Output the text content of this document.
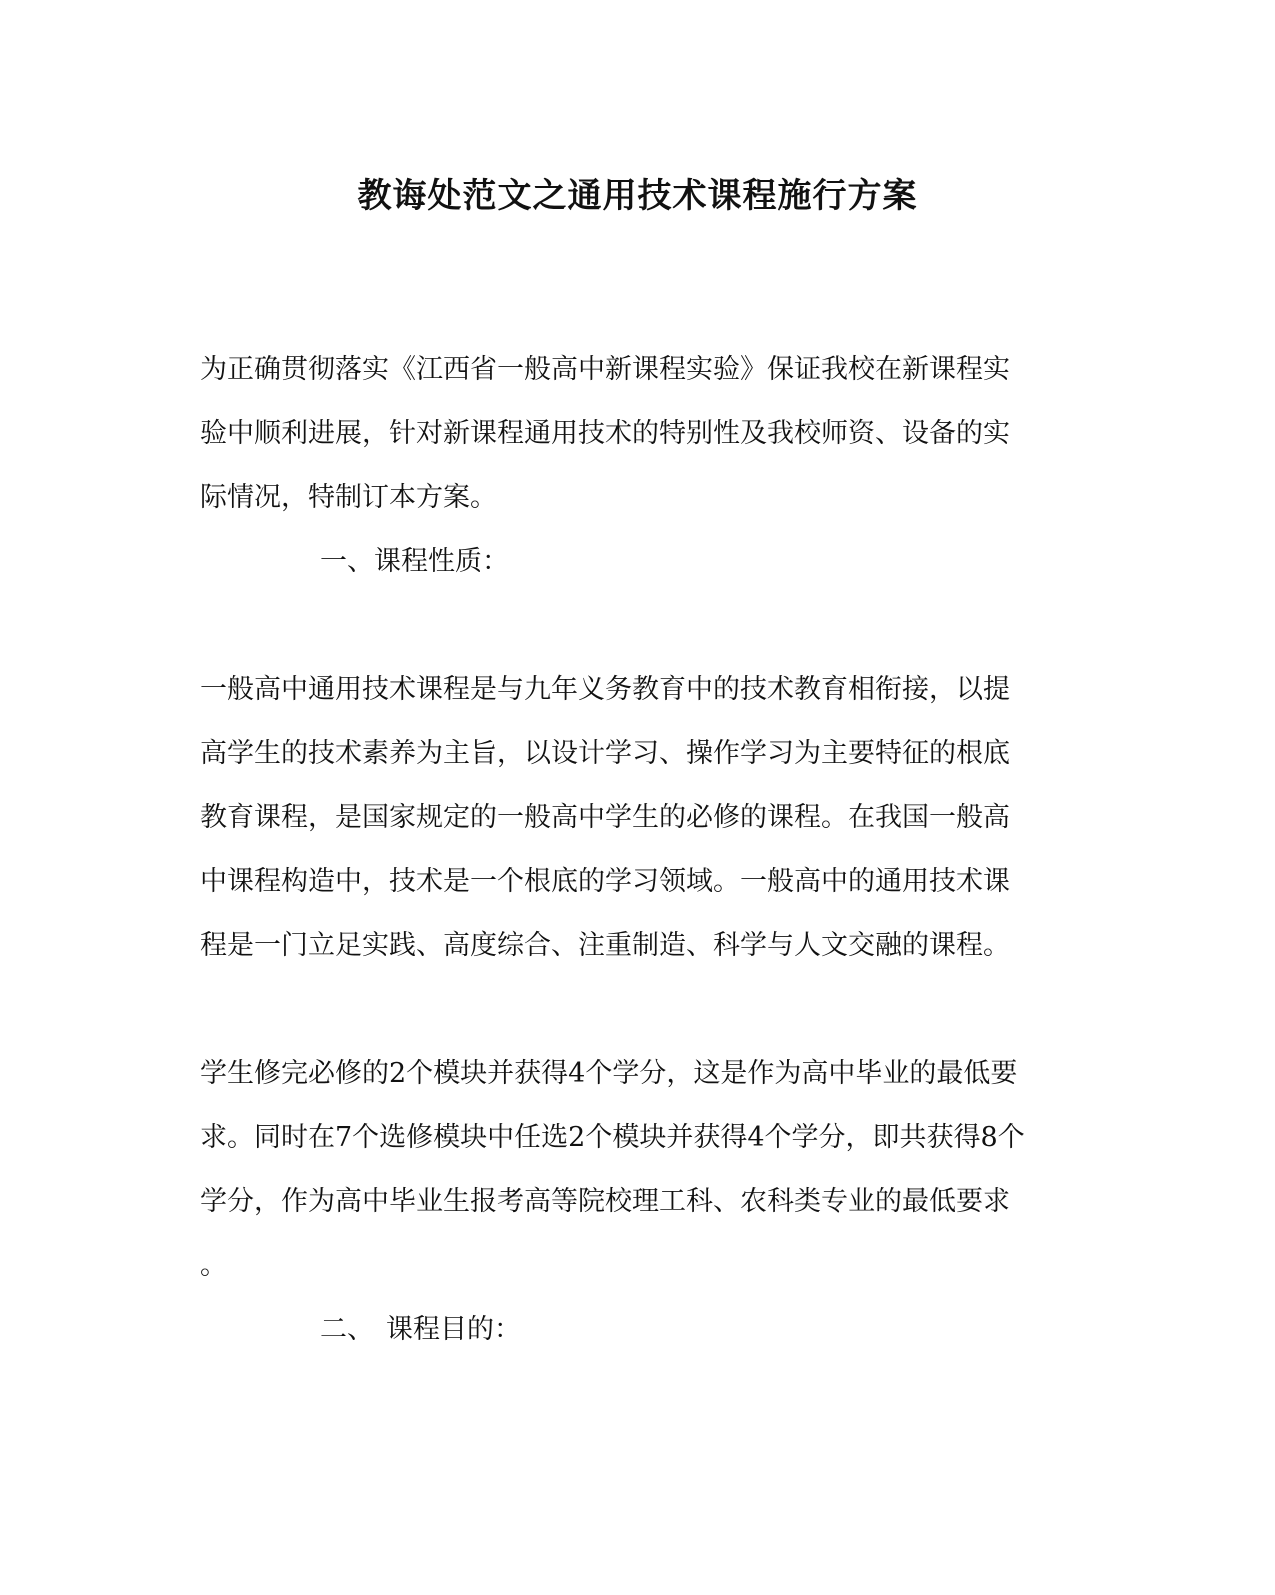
教诲处范文之通用技术课程施行方案

为正确贯彻落实《江西省一般高中新课程实验》保证我校在新课程实

验中顺利进展，针对新课程通用技术的特别性及我校师资、设备的实

际情况，特制订本方案。

一、课程性质：

一般高中通用技术课程是与九年义务教育中的技术教育相衔接，以提

高学生的技术素养为主旨，以设计学习、操作学习为主要特征的根底

教育课程，是国家规定的一般高中学生的必修的课程。在我国一般高

中课程构造中，技术是一个根底的学习领域。一般高中的通用技术课

程是一门立足实践、高度综合、注重制造、科学与人文交融的课程。

学生修完必修的2个模块并获得4个学分，这是作为高中毕业的最低要

求。同时在7个选修模块中任选2个模块并获得4个学分，即共获得8个

学分，作为高中毕业生报考高等院校理工科、农科类专业的最低要求

。

二、 课程目的：
